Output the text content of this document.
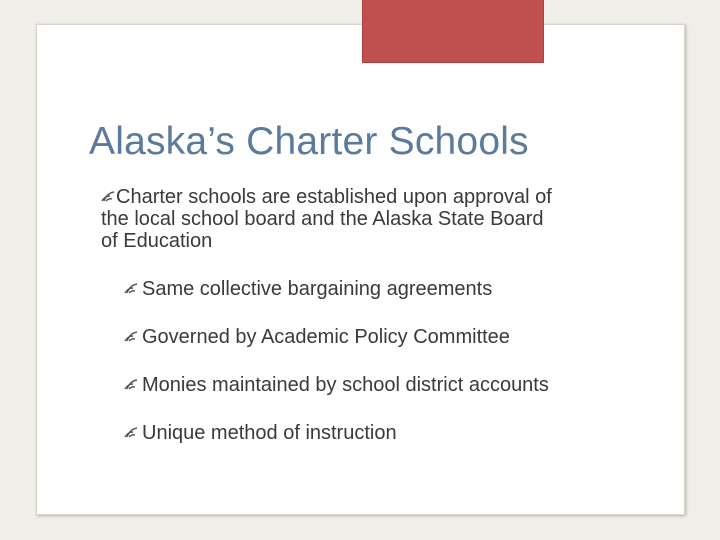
Alaska’s Charter Schools
Charter schools are established upon approval of
the local school board and the Alaska State Board
of Education
Same collective bargaining agreements
Governed by Academic Policy Committee
Monies maintained by school district accounts
Unique method of instruction
